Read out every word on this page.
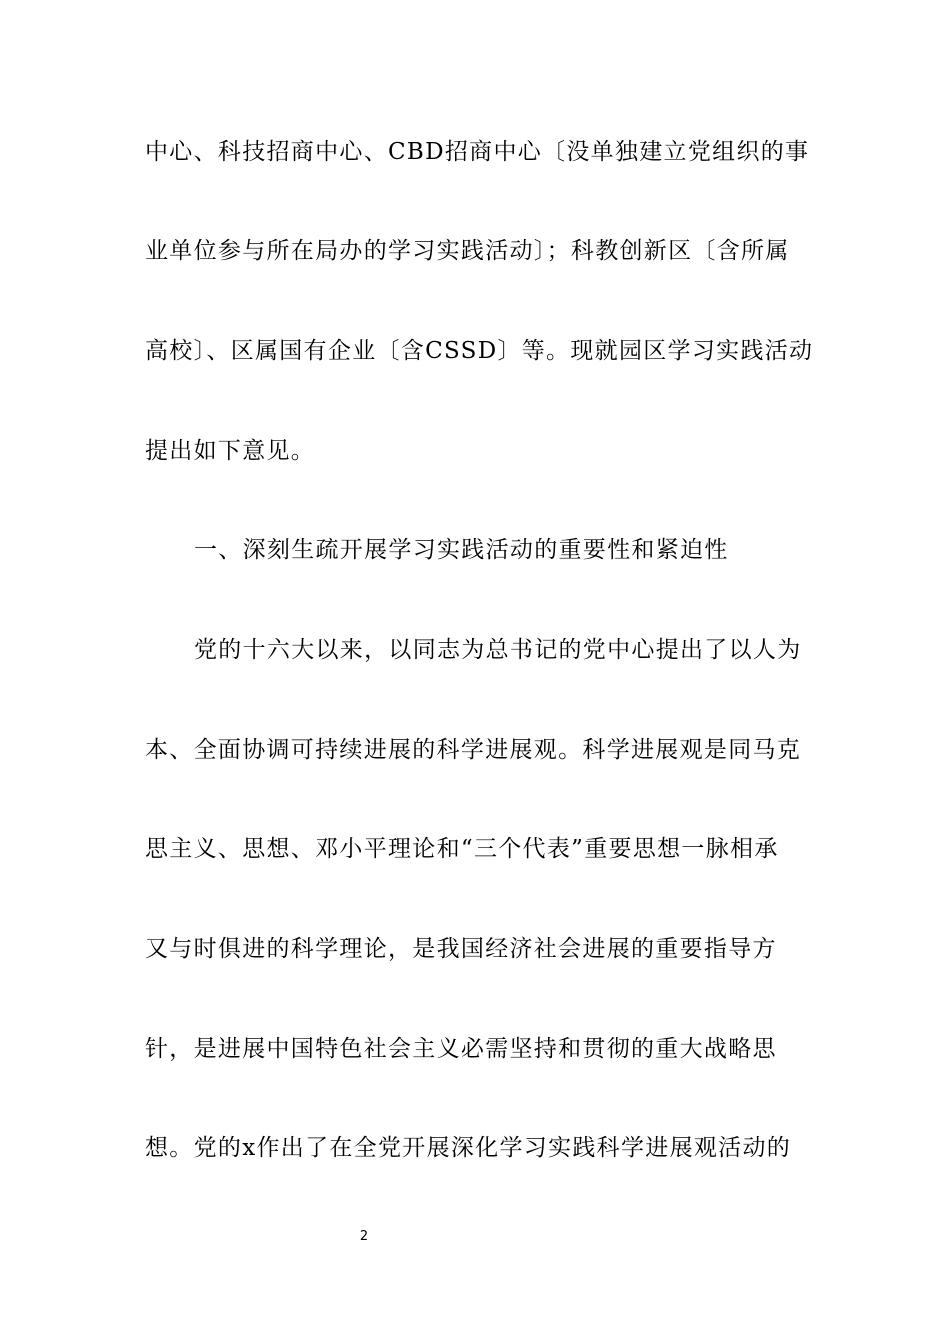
中心、科技招商中心、CBD招商中心〔没单独建立党组织的事
业单位参与所在局办的学习实践活动〕；科教创新区〔含所属
高校〕、区属国有企业〔含CSSD〕等。现就园区学习实践活动
提出如下意见。
一、深刻生疏开展学习实践活动的重要性和紧迫性
党的十六大以来，以同志为总书记的党中心提出了以人为
本、全面协调可持续进展的科学进展观。科学进展观是同马克
思主义、思想、邓小平理论和“三个代表”重要思想一脉相承
又与时俱进的科学理论，是我国经济社会进展的重要指导方
针，是进展中国特色社会主义必需坚持和贯彻的重大战略思
想。党的x作出了在全党开展深化学习实践科学进展观活动的
2
